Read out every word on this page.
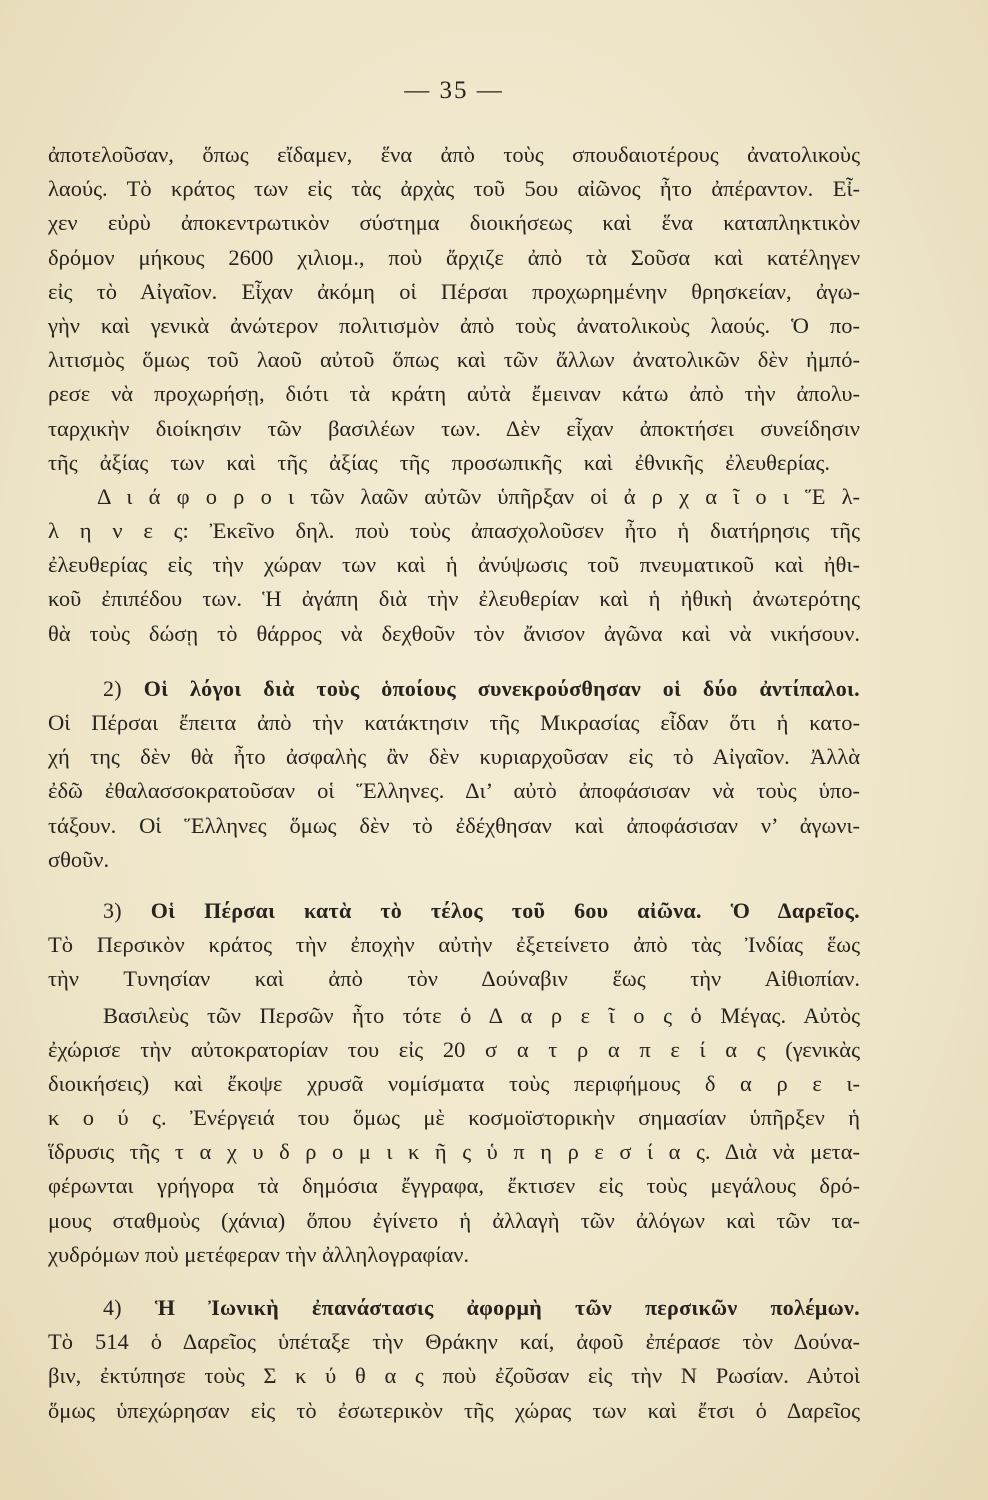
— 35 —
ἀποτελοῦσαν, ὅπως εἴδαμεν, ἕνα ἀπὸ τοὺς σπουδαιοτέρους ἀνατολικοὺς
λαούς. Τὸ κράτος των εἰς τὰς ἀρχὰς τοῦ 5ου αἰῶνος ἦτο ἀπέραντον. Εἶ-
χεν εὐρὺ ἀποκεντρωτικὸν σύστημα διοικήσεως καὶ ἕνα καταπληκτικὸν
δρόμον μήκους 2600 χιλιομ., ποὺ ἄρχιζε ἀπὸ τὰ Σοῦσα καὶ κατέληγεν
εἰς τὸ Αἰγαῖον. Εἶχαν ἀκόμη οἱ Πέρσαι προχωρημένην θρησκείαν, ἀγω-
γὴν καὶ γενικὰ ἀνώτερον πολιτισμὸν ἀπὸ τοὺς ἀνατολικοὺς λαούς. Ὁ πο-
λιτισμὸς ὅμως τοῦ λαοῦ αὐτοῦ ὅπως καὶ τῶν ἄλλων ἀνατολικῶν δὲν ἠμπό-
ρεσε νὰ προχωρήσῃ, διότι τὰ κράτη αὐτὰ ἔμειναν κάτω ἀπὸ τὴν ἀπολυ-
ταρχικὴν διοίκησιν τῶν βασιλέων των. Δὲν εἶχαν ἀποκτήσει συνείδησιν
τῆς ἀξίας των καὶ τῆς ἀξίας τῆς προσωπικῆς καὶ ἐθνικῆς ἐλευθερίας.
Δ ι ά φ ο ρ ο ι τῶν λαῶν αὐτῶν ὑπῆρξαν οἱ ἀ ρ χ α ῖ ο ι Ἕ λ-
λ η ν ε ς: Ἐκεῖνο δηλ. ποὺ τοὺς ἀπασχολοῦσεν ἦτο ἡ διατήρησις τῆς
ἐλευθερίας εἰς τὴν χώραν των καὶ ἡ ἀνύψωσις τοῦ πνευματικοῦ καὶ ἠθι-
κοῦ ἐπιπέδου των. Ἡ ἀγάπη διὰ τὴν ἐλευθερίαν καὶ ἡ ἠθικὴ ἀνωτερότης
θὰ τοὺς δώσῃ τὸ θάρρος νὰ δεχθοῦν τὸν ἄνισον ἀγῶνα καὶ νὰ νικήσουν.
2) Οἱ λόγοι διὰ τοὺς ὁποίους συνεκρούσθησαν οἱ δύο ἀντίπαλοι.
Οἱ Πέρσαι ἔπειτα ἀπὸ τὴν κατάκτησιν τῆς Μικρασίας εἶδαν ὅτι ἡ κατο-
χή της δὲν θὰ ἦτο ἀσφαλὴς ἂν δὲν κυριαρχοῦσαν εἰς τὸ Αἰγαῖον. Ἀλλὰ
ἐδῶ ἐθαλασσοκρατοῦσαν οἱ Ἕλληνες. Δι’ αὐτὸ ἀποφάσισαν νὰ τοὺς ὑπο-
τάξουν. Οἱ Ἕλληνες ὅμως δὲν τὸ ἐδέχθησαν καὶ ἀποφάσισαν ν’ ἀγωνι-
σθοῦν.
3) Οἱ Πέρσαι κατὰ τὸ τέλος τοῦ 6ου αἰῶνα. Ὁ Δαρεῖος.
Τὸ Περσικὸν κράτος τὴν ἐποχὴν αὐτὴν ἐξετείνετο ἀπὸ τὰς Ἰνδίας ἕως
τὴν Τυνησίαν καὶ ἀπὸ τὸν Δούναβιν ἕως τὴν Αἰθιοπίαν.
Βασιλεὺς τῶν Περσῶν ἦτο τότε ὁ Δ α ρ ε ῖ ο ς ὁ Μέγας. Αὐτὸς
ἐχώρισε τὴν αὐτοκρατορίαν του εἰς 20 σ α τ ρ α π ε ί α ς (γενικὰς
διοικήσεις) καὶ ἔκοψε χρυσᾶ νομίσματα τοὺς περιφήμους δ α ρ ε ι-
κ ο ύ ς. Ἐνέργειά του ὅμως μὲ κοσμοϊστορικὴν σημασίαν ὑπῆρξεν ἡ
ἵδρυσις τῆς τ α χ υ δ ρ ο μ ι κ ῆ ς ὑ π η ρ ε σ ί α ς. Διὰ νὰ μετα-
φέρωνται γρήγορα τὰ δημόσια ἔγγραφα, ἔκτισεν εἰς τοὺς μεγάλους δρό-
μους σταθμοὺς (χάνια) ὅπου ἐγίνετο ἡ ἀλλαγὴ τῶν ἀλόγων καὶ τῶν τα-
χυδρόμων ποὺ μετέφεραν τὴν ἀλληλογραφίαν.
4) Ἡ Ἰωνικὴ ἐπανάστασις ἀφορμὴ τῶν περσικῶν πολέμων.
Τὸ 514 ὁ Δαρεῖος ὑπέταξε τὴν Θράκην καί, ἀφοῦ ἐπέρασε τὸν Δούνα-
βιν, ἐκτύπησε τοὺς Σ κ ύ θ α ς ποὺ ἐζοῦσαν εἰς τὴν Ν Ρωσίαν. Αὐτοὶ
ὅμως ὑπεχώρησαν εἰς τὸ ἐσωτερικὸν τῆς χώρας των καὶ ἔτσι ὁ Δαρεῖος
